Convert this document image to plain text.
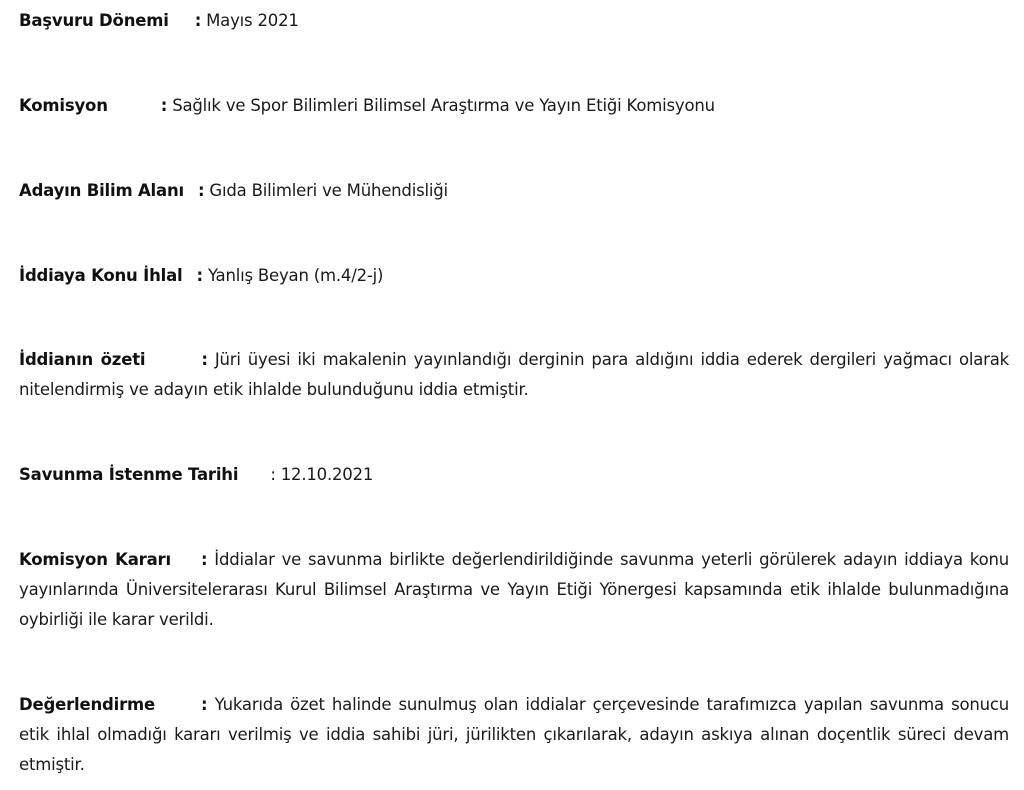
Başvuru Dönemi : Mayıs 2021
Komisyon	: Sağlık ve Spor Bilimleri Bilimsel Araştırma ve Yayın Etiği Komisyonu
Adayın Bilim Alanı : Gıda Bilimleri ve Mühendisliği
İddiaya Konu İhlal : Yanlış Beyan (m.4/2-j)
İddianın özeti	: Jüri üyesi iki makalenin yayınlandığı derginin para aldığını iddia ederek dergileri yağmacı olarak nitelendirmiş ve adayın etik ihlalde bulunduğunu iddia etmiştir.
Savunma İstenme Tarihi : 12.10.2021
Komisyon Kararı : İddialar ve savunma birlikte değerlendirildiğinde savunma yeterli görülerek adayın iddiaya konu yayınlarında Üniversitelerarası Kurul Bilimsel Araştırma ve Yayın Etiği Yönergesi kapsamında etik ihlalde bulunmadığına oybirliği ile karar verildi.
Değerlendirme	: Yukarıda özet halinde sunulmuş olan iddialar çerçevesinde tarafımızca yapılan savunma sonucu etik ihlal olmadığı kararı verilmiş ve iddia sahibi jüri, jürilikten çıkarılarak, adayın askıya alınan doçentlik süreci devam etmiştir.
